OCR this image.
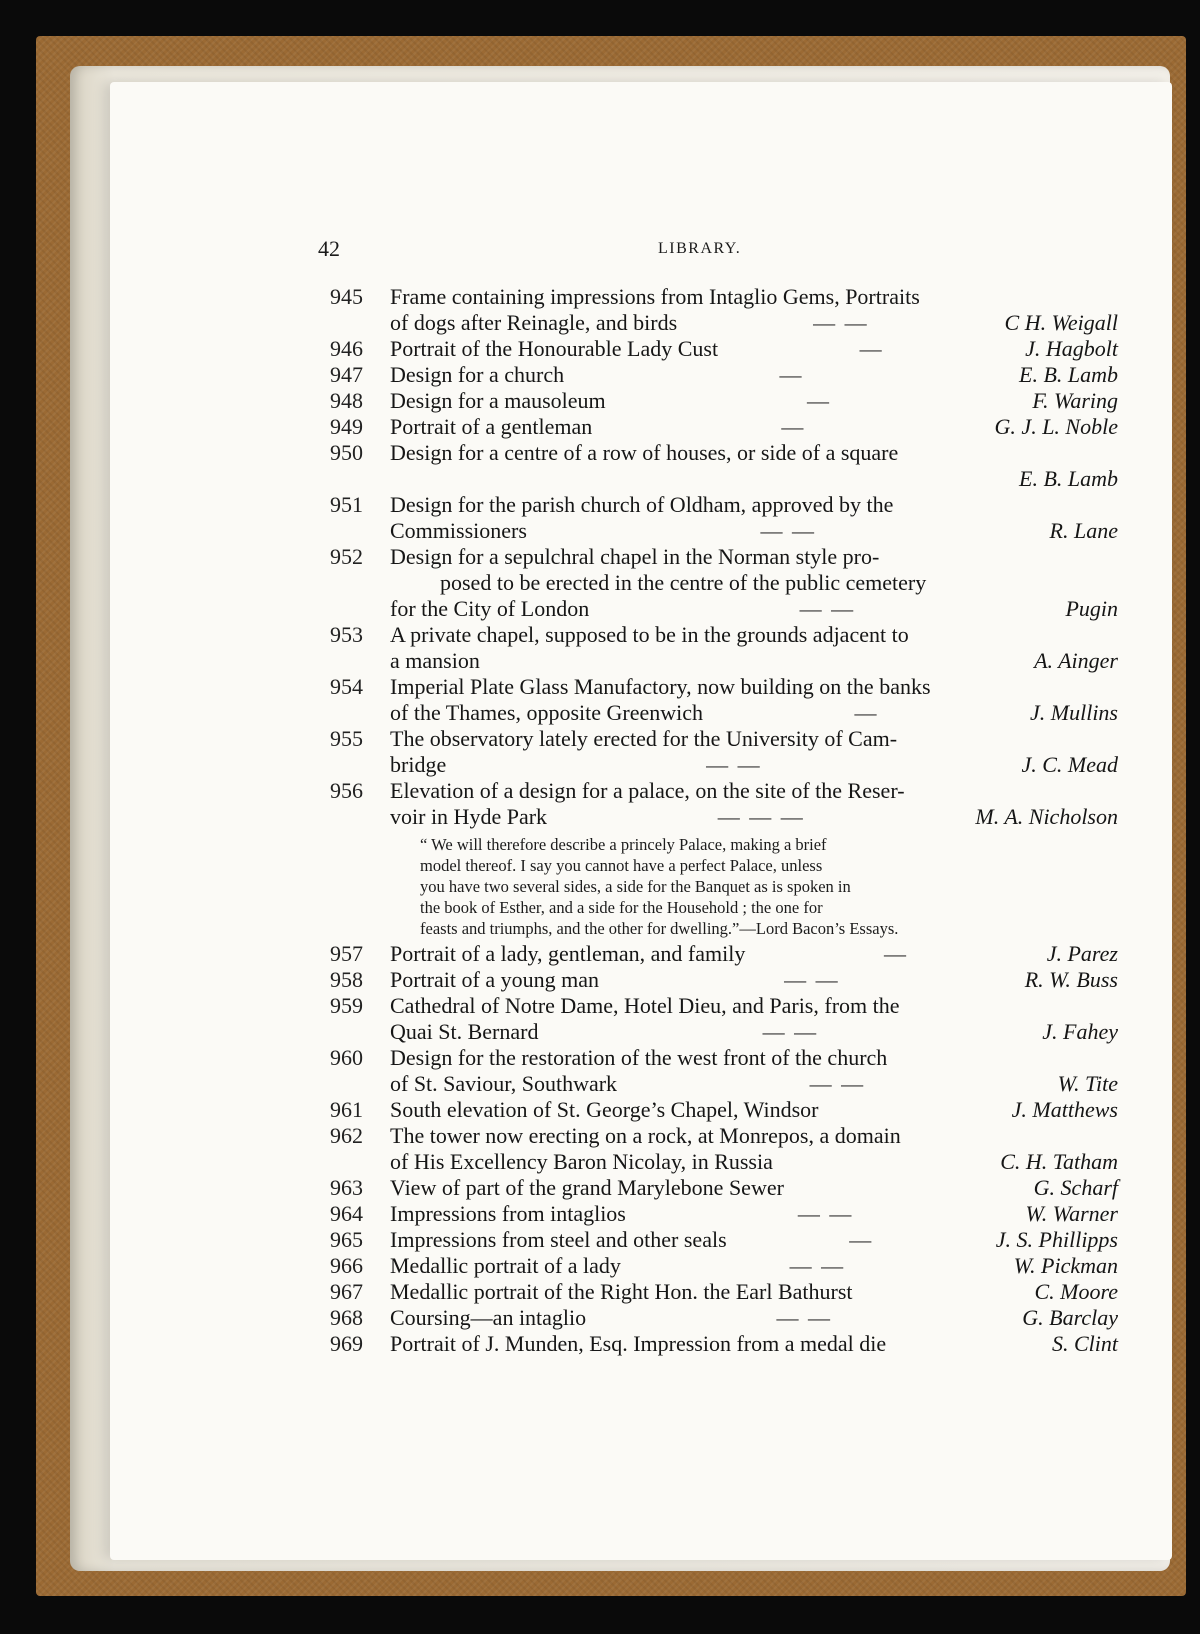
42	LIBRARY.
945	Frame containing impressions from Intaglio Gems, Portraits
of dogs after Reinagle, and birds	— —	C H. Weigall
946	Portrait of the Honourable Lady Cust	—	J. Hagbolt
947	Design for a church	—	E. B. Lamb
948	Design for a mausoleum	—	F. Waring
949	Portrait of a gentleman	—	G. J. L. Noble
950	Design for a centre of a row of houses, or side of a square
E. B. Lamb
951	Design for the parish church of Oldham, approved by the
Commissioners	— —	R. Lane
952	Design for a sepulchral chapel in the Norman style pro-
posed to be erected in the centre of the public cemetery
for the City of London	— —	Pugin
953	A private chapel, supposed to be in the grounds adjacent to
a mansion	A. Ainger
954	Imperial Plate Glass Manufactory, now building on the banks
of the Thames, opposite Greenwich	—	J. Mullins
955	The observatory lately erected for the University of Cam-
bridge	— —	J. C. Mead
956	Elevation of a design for a palace, on the site of the Reser-
voir in Hyde Park	— — —	M. A. Nicholson
“ We will therefore describe a princely Palace, making a brief
model thereof. I say you cannot have a perfect Palace, unless
you have two several sides, a side for the Banquet as is spoken in
the book of Esther, and a side for the Household ; the one for
feasts and triumphs, and the other for dwelling.”—Lord Bacon’s Essays.
957	Portrait of a lady, gentleman, and family	—	J. Parez
958	Portrait of a young man	— —	R. W. Buss
959	Cathedral of Notre Dame, Hotel Dieu, and Paris, from the
Quai St. Bernard	— —	J. Fahey
960	Design for the restoration of the west front of the church
of St. Saviour, Southwark	— —	W. Tite
961	South elevation of St. George’s Chapel, Windsor	J. Matthews
962	The tower now erecting on a rock, at Monrepos, a domain
of His Excellency Baron Nicolay, in Russia	C. H. Tatham
963	View of part of the grand Marylebone Sewer	G. Scharf
964	Impressions from intaglios	— —	W. Warner
965	Impressions from steel and other seals	—	J. S. Phillipps
966	Medallic portrait of a lady	— —	W. Pickman
967	Medallic portrait of the Right Hon. the Earl Bathurst	C. Moore
968	Coursing—an intaglio	— —	G. Barclay
969	Portrait of J. Munden, Esq. Impression from a medal die	S. Clint
